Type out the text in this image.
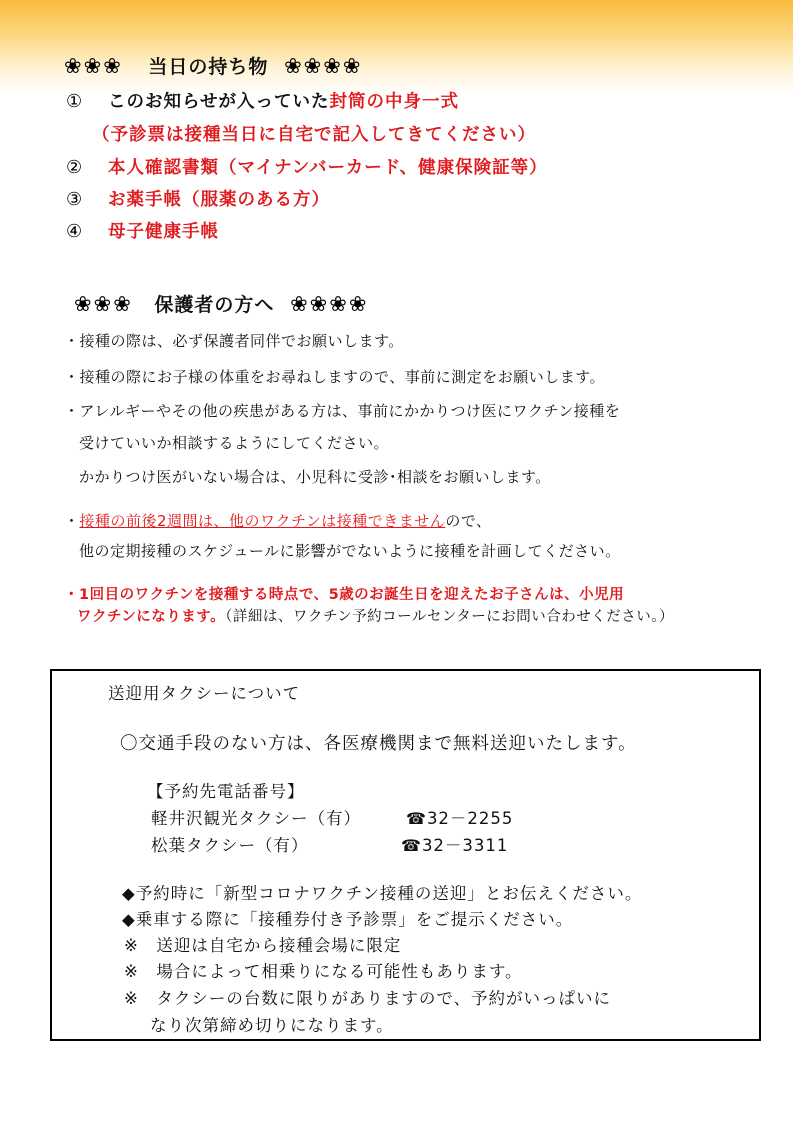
❀❀❀ 当日の持ち物 ❀❀❀❀
① このお知らせが入っていた封筒の中身一式
（予診票は接種当日に自宅で記入してきてください）
② 本人確認書類（マイナンバーカード、健康保険証等）
③ お薬手帳（服薬のある方）
④ 母子健康手帳
❀❀❀ 保護者の方へ ❀❀❀❀
・接種の際は、必ず保護者同伴でお願いします。
・接種の際にお子様の体重をお尋ねしますので、事前に測定をお願いします。
・アレルギーやその他の疾患がある方は、事前にかかりつけ医にワクチン接種を
受けていいか相談するようにしてください。
かかりつけ医がいない場合は、小児科に受診･相談をお願いします。
・接種の前後2週間は、他のワクチンは接種できませんので、
他の定期接種のスケジュールに影響がでないように接種を計画してください。
・1回目のワクチンを接種する時点で、5歳のお誕生日を迎えたお子さんは、小児用
ワクチンになります。（詳細は、ワクチン予約コールセンターにお問い合わせください。）
送迎用タクシーについて
〇交通手段のない方は、各医療機関まで無料送迎いたします。
【予約先電話番号】
軽井沢観光タクシー（有）	☎32－2255
松葉タクシー（有）	☎32－3311
◆予約時に「新型コロナワクチン接種の送迎」とお伝えください。
◆乗車する際に「接種券付き予診票」をご提示ください。
※　送迎は自宅から接種会場に限定
※　場合によって相乗りになる可能性もあります。
※　タクシーの台数に限りがありますので、予約がいっぱいに
なり次第締め切りになります。
